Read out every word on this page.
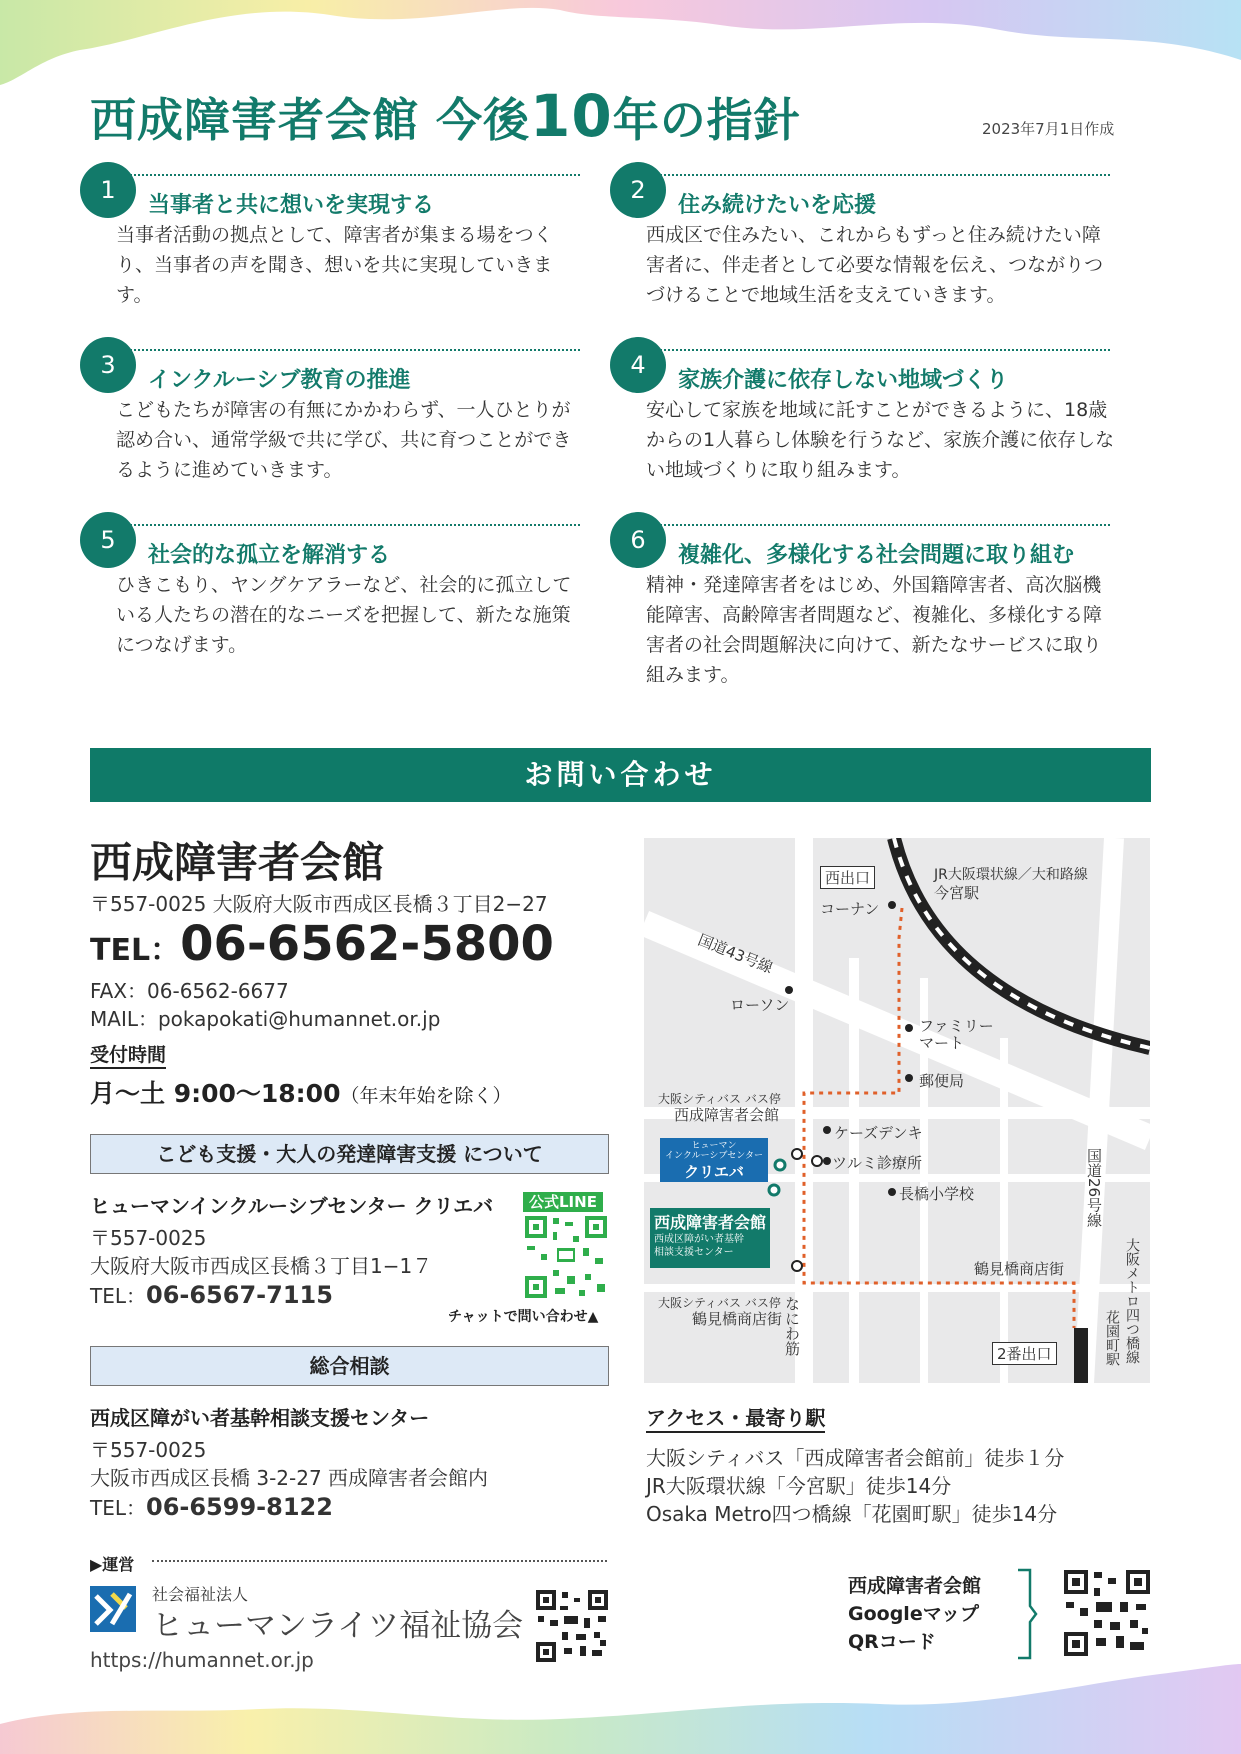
西成障害者会館 今後10年の指針	2023年7月1日作成
1
当事者と共に想いを実現する
当事者活動の拠点として、障害者が集まる場をつくり、当事者の声を聞き、想いを共に実現していきます。
2
住み続けたいを応援
西成区で住みたい、これからもずっと住み続けたい障害者に、伴走者として必要な情報を伝え、つながりつづけることで地域生活を支えていきます。
3
インクルーシブ教育の推進
こどもたちが障害の有無にかかわらず、一人ひとりが認め合い、通常学級で共に学び、共に育つことができるように進めていきます。
4
家族介護に依存しない地域づくり
安心して家族を地域に託すことができるように、18歳からの1人暮らし体験を行うなど、家族介護に依存しない地域づくりに取り組みます。
5
社会的な孤立を解消する
ひきこもり、ヤングケアラーなど、社会的に孤立している人たちの潜在的なニーズを把握して、新たな施策につなげます。
6
複雑化、多様化する社会問題に取り組む
精神・発達障害者をはじめ、外国籍障害者、高次脳機能障害、高齢障害者問題など、複雑化、多様化する障害者の社会問題解決に向けて、新たなサービスに取り組みます。
お問い合わせ
西成障害者会館
〒557-0025 大阪府大阪市西成区長橋３丁目2−27
TEL：06-6562-5800
FAX：06-6562-6677
MAIL：pokapokati@humannet.or.jp
受付時間
月～土 9:00～18:00（年末年始を除く）
こども支援・大人の発達障害支援 について
ヒューマンインクルーシブセンター クリエバ
〒557-0025
大阪府大阪市西成区長橋３丁目1−1７
TEL：06-6567-7115
公式LINE
チャットで問い合わせ▲
総合相談
西成区障がい者基幹相談支援センター
〒557-0025
大阪市西成区長橋 3-2-27 西成障害者会館内
TEL：06-6599-8122
▶運営
社会福祉法人
ヒューマンライツ福祉協会
https://humannet.or.jp
西出口	JR大阪環状線／大和路線
今宮駅
コーナン
国道43号線
ローソン
ファミリー
マート
郵便局
大阪シティバス バス停
西成障害者会館
ケーズデンキ
ヒューマン
インクルーシブセンター
クリエバ	ツルミ診療所
長橋小学校
西成障害者会館
西成区障がい者基幹
相談支援センター
国道26号線
鶴見橋商店街
大阪シティバス バス停
鶴見橋商店街 なにわ筋	大阪メトロ四つ橋線
花園町駅
2番出口
アクセス・最寄り駅
大阪シティバス「西成障害者会館前」徒歩１分
JR大阪環状線「今宮駅」徒歩14分
Osaka Metro四つ橋線「花園町駅」徒歩14分
西成障害者会館
Googleマップ
QRコード
